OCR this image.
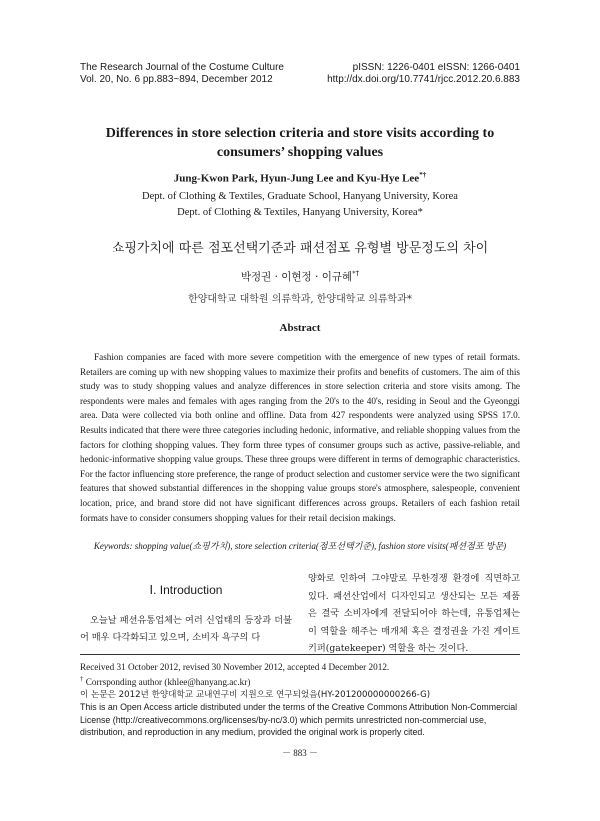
The Research Journal of the Costume Culture	pISSN: 1226-0401 eISSN: 1266-0401
Vol. 20, No. 6 pp.883~894, December 2012	http://dx.doi.org/10.7741/rjcc.2012.20.6.883
Differences in store selection criteria and store visits according to
consumers’ shopping values
Jung-Kwon Park, Hyun-Jung Lee and Kyu-Hye Lee*†
Dept. of Clothing & Textiles, Graduate School, Hanyang University, Korea
Dept. of Clothing & Textiles, Hanyang University, Korea*
쇼핑가치에 따른 점포선택기준과 패션점포 유형별 방문정도의 차이
박정권 · 이현정 · 이규혜*†
한양대학교 대학원 의류학과, 한양대학교 의류학과*
Abstract
Fashion companies are faced with more severe competition with the emergence of new types of retail formats. Retailers are coming up with new shopping values to maximize their profits and benefits of customers. The aim of this study was to study shopping values and analyze differences in store selection criteria and store visits among. The respondents were males and females with ages ranging from the 20's to the 40's, residing in Seoul and the Gyeonggi area. Data were collected via both online and offline. Data from 427 respondents were analyzed using SPSS 17.0. Results indicated that there were three categories including hedonic, informative, and reliable shopping values from the factors for clothing shopping values. They form three types of consumer groups such as active, passive-reliable, and hedonic-informative shopping value groups. These three groups were different in terms of demographic characteristics. For the factor influencing store preference, the range of product selection and customer service were the two significant features that showed substantial differences in the shopping value groups store's atmosphere, salespeople, convenient location, price, and brand store did not have significant differences across groups. Retailers of each fashion retail formats have to consider consumers shopping values for their retail decision makings.
Keywords: shopping value(쇼핑가치), store selection criteria(점포선택기준), fashion store visits(패션점포 방문)
Ⅰ. Introduction
오늘날 패션유통업체는 여러 신업태의 등장과 더불어 매우 다각화되고 있으며, 소비자 욕구의 다
양화로 인하여 그야말로 무한경쟁 환경에 직면하고 있다. 패션산업에서 디자인되고 생산되는 모든 제품은 결국 소비자에게 전달되어야 하는데, 유통업체는 이 역할을 해주는 매개체 혹은 결정권을 가진 게이트키퍼(gatekeeper) 역할을 하는 것이다.
Received 31 October 2012, revised 30 November 2012, accepted 4 December 2012.
† Corrsponding author (khlee@hanyang.ac.kr)
이 논문은 2012년 한양대학교 교내연구비 지원으로 연구되었음(HY-201200000000266-G)
This is an Open Access article distributed under the terms of the Creative Commons Attribution Non-Commercial License (http://creativecommons.org/licenses/by-nc/3.0) which permits unrestricted non-commercial use, distribution, and reproduction in any medium, provided the original work is properly cited.
－ 883 －
